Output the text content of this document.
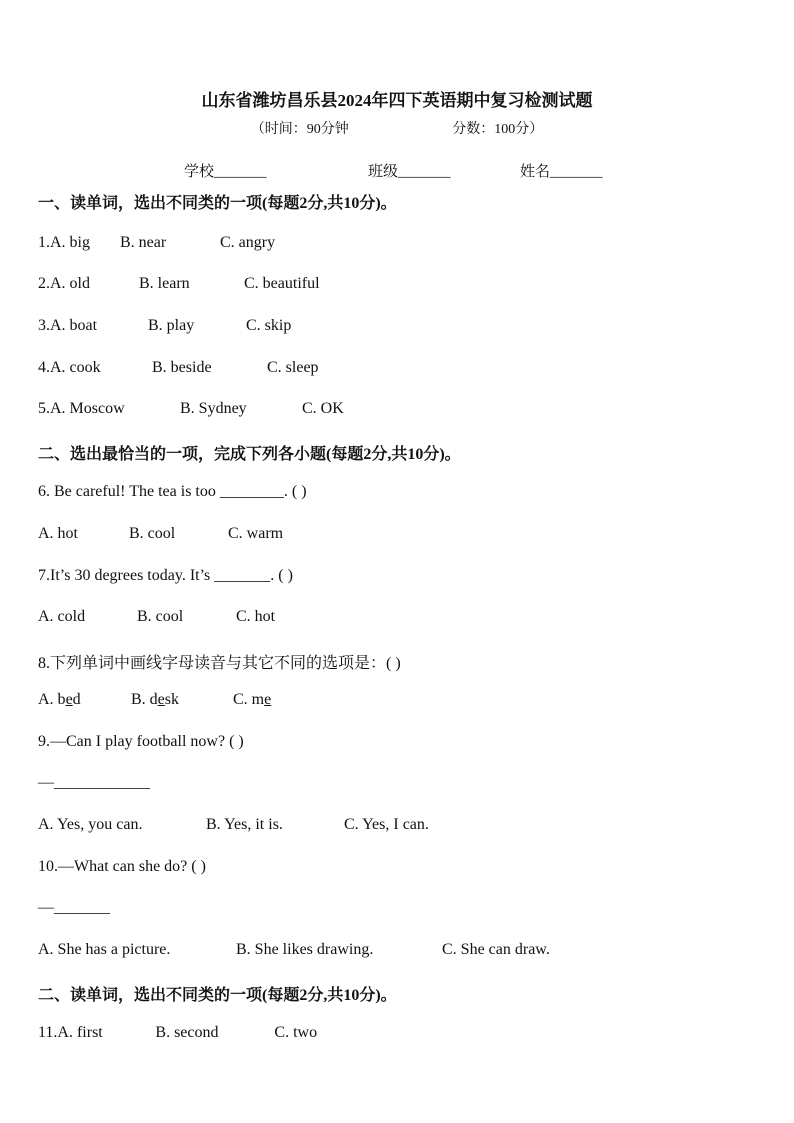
山东省潍坊昌乐县2024年四下英语期中复习检测试题
（时间：90分钟	分数：100分）
学校_______	班级_______	姓名_______
一、读单词，选出不同类的一项(每题2分,共10分)。
1.A. big B. near	C. angry
2.A. old	B. learn	C. beautiful
3.A. boat	B. play	C. skip
4.A. cook	B. beside	C. sleep
5.A. Moscow	B. Sydney	C. OK
二、选出最恰当的一项，完成下列各小题(每题2分,共10分)。
6. Be careful! The tea is too ________. ( )
A. hot	B. cool	C. warm
7.It’s 30 degrees today. It’s _______. ( )
A. cold	B. cool	C. hot
8.下列单词中画线字母读音与其它不同的选项是：( )
A. bed	B. desk	C. me
9.—Can I play football now? ( )
—____________
A. Yes, you can.	B. Yes, it is.	C. Yes, I can.
10.—What can she do? ( )
—_______
A. She has a picture.	B. She likes drawing.	C. She can draw.
二、读单词，选出不同类的一项(每题2分,共10分)。
11.A. first	B. second	C. two
